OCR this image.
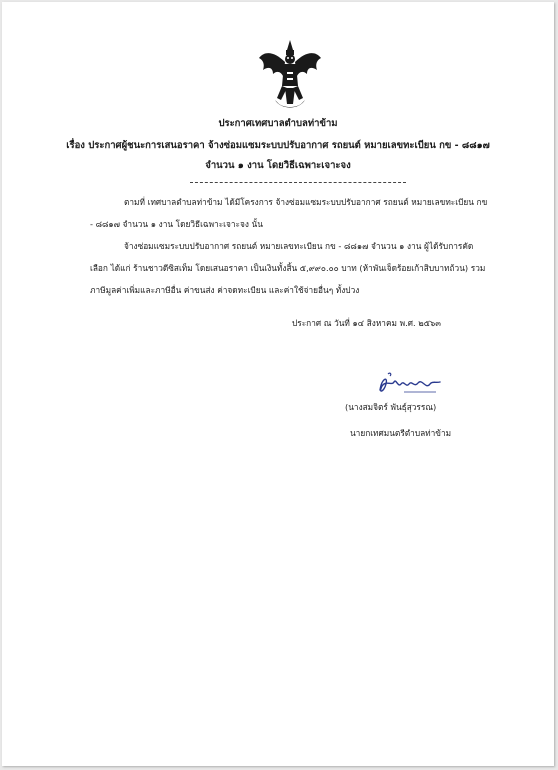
ประกาศเทศบาลตำบลท่าข้าม
เรื่อง ประกาศผู้ชนะการเสนอราคา จ้างซ่อมแซมระบบปรับอากาศ รถยนต์ หมายเลขทะเบียน กข - ๘๘๑๗
จำนวน ๑ งาน โดยวิธีเฉพาะเจาะจง
ตามที่ เทศบาลตำบลท่าข้าม ได้มีโครงการ จ้างซ่อมแซมระบบปรับอากาศ รถยนต์ หมายเลขทะเบียน กข
- ๘๘๑๗ จำนวน ๑ งาน โดยวิธีเฉพาะเจาะจง นั้น
จ้างซ่อมแซมระบบปรับอากาศ รถยนต์ หมายเลขทะเบียน กข - ๘๘๑๗ จำนวน ๑ งาน ผู้ได้รับการคัด
เลือก ได้แก่ ร้านชาวดีซิสเท็ม โดยเสนอราคา เป็นเงินทั้งสิ้น ๕,๙๙๐.๐๐ บาท (ห้าพันเจ็ดร้อยเก้าสิบบาทถ้วน) รวม
ภาษีมูลค่าเพิ่มและภาษีอื่น ค่าขนส่ง ค่าจดทะเบียน และค่าใช้จ่ายอื่นๆ ทั้งปวง
ประกาศ ณ วันที่ ๑๔ สิงหาคม พ.ศ. ๒๕๖๓
(นางสมจิตร์ พันธุ์สุวรรณ)
นายกเทศมนตรีตำบลท่าข้าม
